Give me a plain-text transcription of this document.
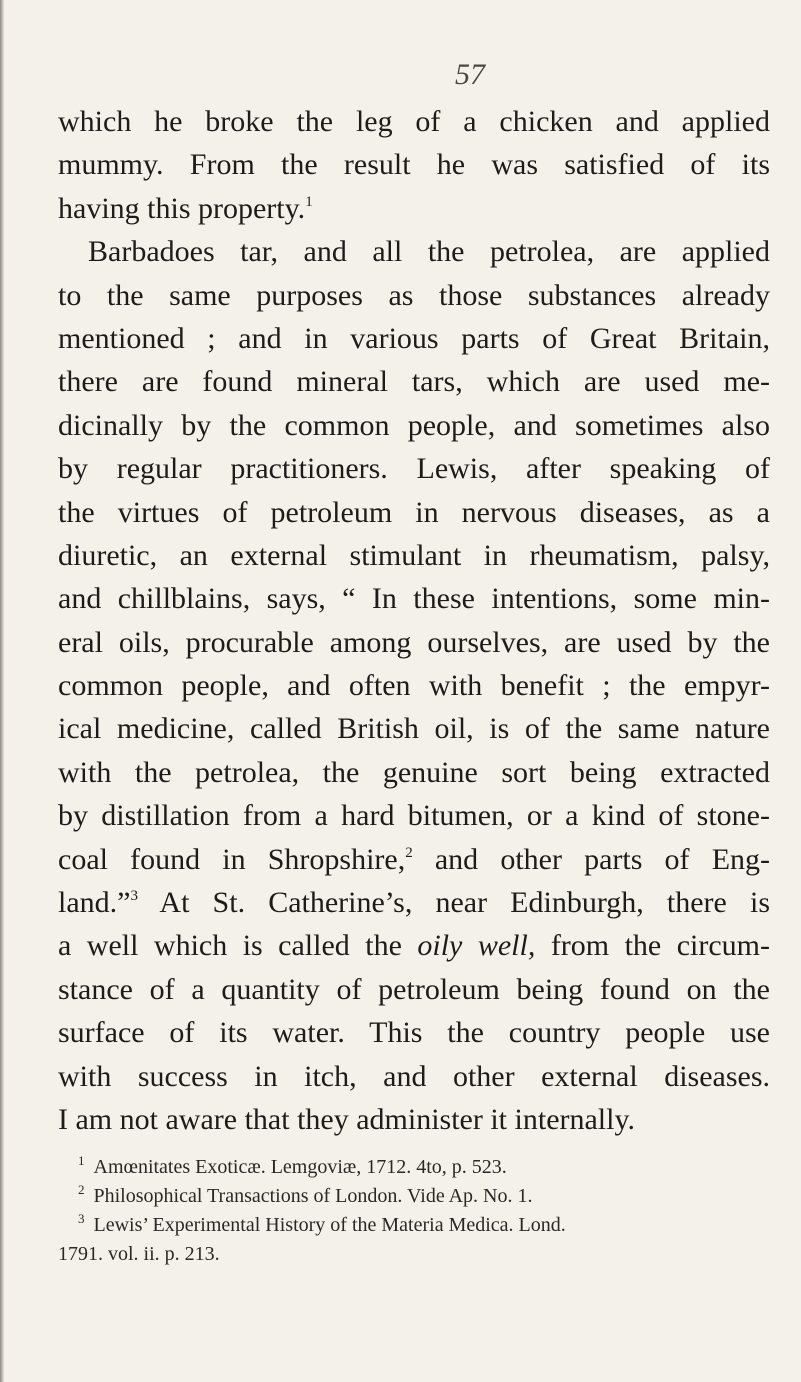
57
which he broke the leg of a chicken and applied
mummy. From the result he was satisfied of its
having this property.$^1$
Barbadoes tar, and all the petrolea, are applied
to the same purposes as those substances already
mentioned ; and in various parts of Great Britain,
there are found mineral tars, which are used me-
dicinally by the common people, and sometimes also
by regular practitioners. Lewis, after speaking of
the virtues of petroleum in nervous diseases, as a
diuretic, an external stimulant in rheumatism, palsy,
and chillblains, says, “ In these intentions, some min-
eral oils, procurable among ourselves, are used by the
common people, and often with benefit ; the empyr-
ical medicine, called British oil, is of the same nature
with the petrolea, the genuine sort being extracted
by distillation from a hard bitumen, or a kind of stone-
coal found in Shropshire,$^2$ and other parts of Eng-
land.”$^3$ At St. Catherine’s, near Edinburgh, there is
a well which is called the oily well, from the circum-
stance of a quantity of petroleum being found on the
surface of its water. This the country people use
with success in itch, and other external diseases.
I am not aware that they administer it internally.
$^1$ Amœnitates Exoticæ. Lemgoviæ, 1712. 4to, p. 523.
$^2$ Philosophical Transactions of London. Vide Ap. No. 1.
$^3$ Lewis’ Experimental History of the Materia Medica. Lond.
1791. vol. ii. p. 213.
